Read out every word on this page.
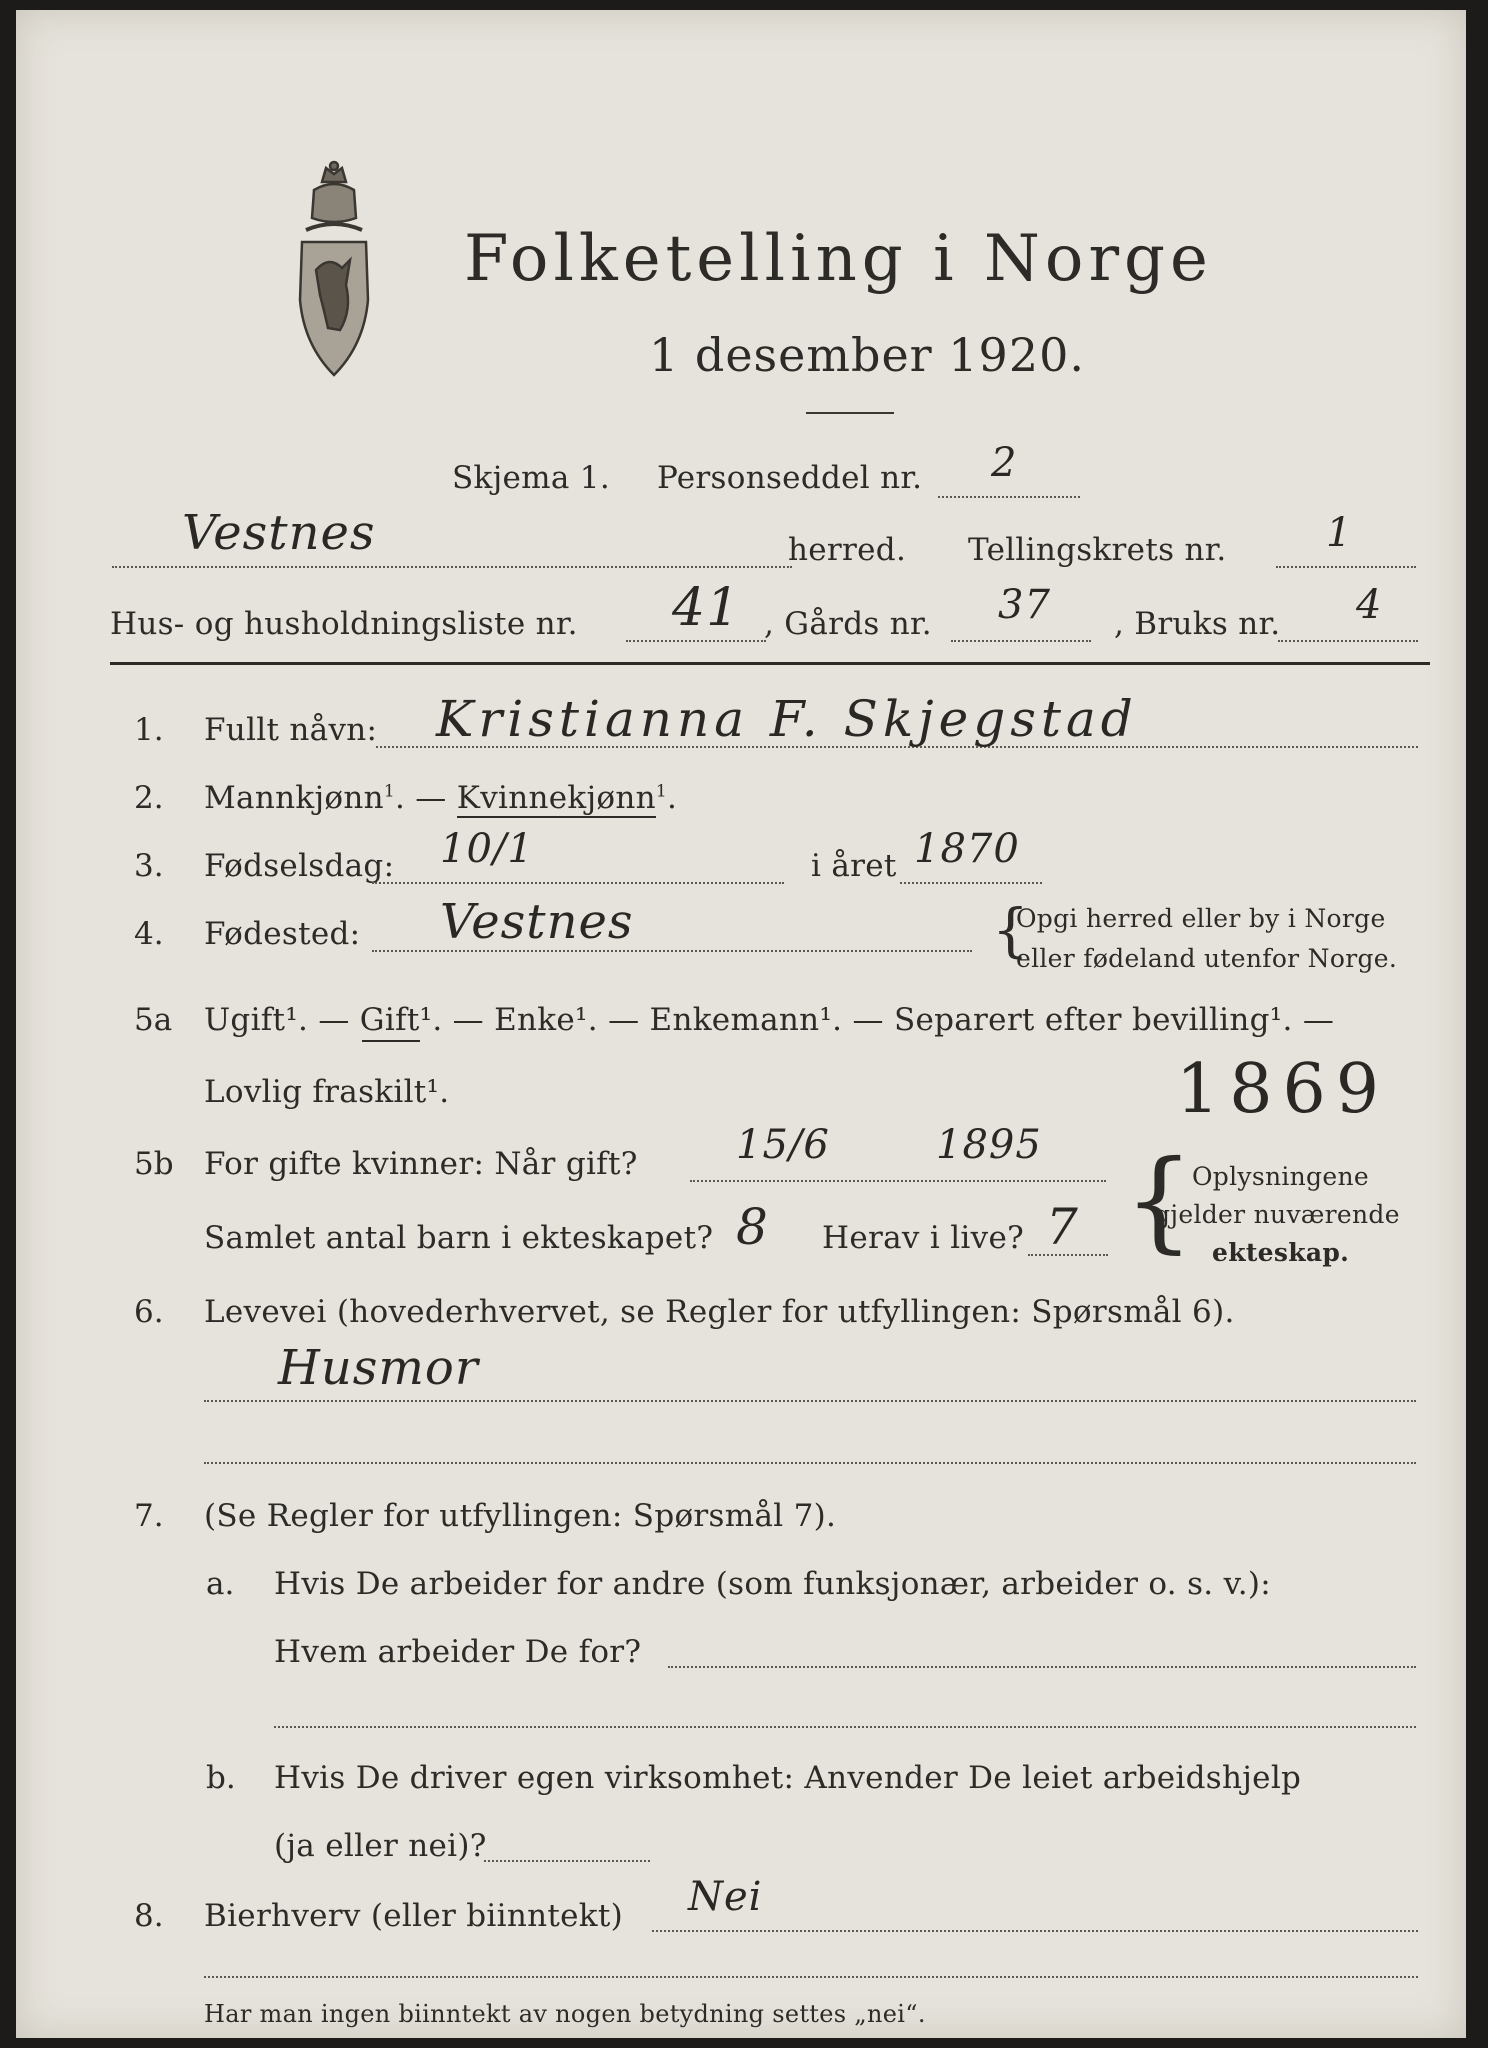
Folketelling i Norge
1 desember 1920.
Skjema 1. Personseddel nr. 2
Vestnes	herred. Tellingskrets nr. 1
Hus- og husholdningsliste nr. 41 , Gårds nr. 37 , Bruks nr. 4
1. Fullt nåvn: Kristianna F. Skjegstad
2. Mannkjønn$^1$. — Kvinnekjønn$^1$.
3. Fødselsdag: 10/1	i året 1870
4. Fødested: Vestnes	{
Opgi herred eller by i Norge
eller fødeland utenfor Norge.
5a Ugift¹. — Gift¹. — Enke¹. — Enkemann¹. — Separert efter bevilling¹. —
Lovlig fraskilt¹.	1869
5b For gifte kvinner: Når gift? 15/6	1895
Samlet antal barn i ekteskapet? 8 Herav i live? 7 {
Oplysningene
gjelder nuværende
ekteskap.
6. Levevei (hovederhvervet, se Regler for utfyllingen: Spørsmål 6).
Husmor
7. (Se Regler for utfyllingen: Spørsmål 7).
a. Hvis De arbeider for andre (som funksjonær, arbeider o. s. v.):
Hvem arbeider De for?
b. Hvis De driver egen virksomhet: Anvender De leiet arbeidshjelp
(ja eller nei)?
8. Bierhverv (eller biinntekt) Nei
Har man ingen biinntekt av nogen betydning settes „nei“.
